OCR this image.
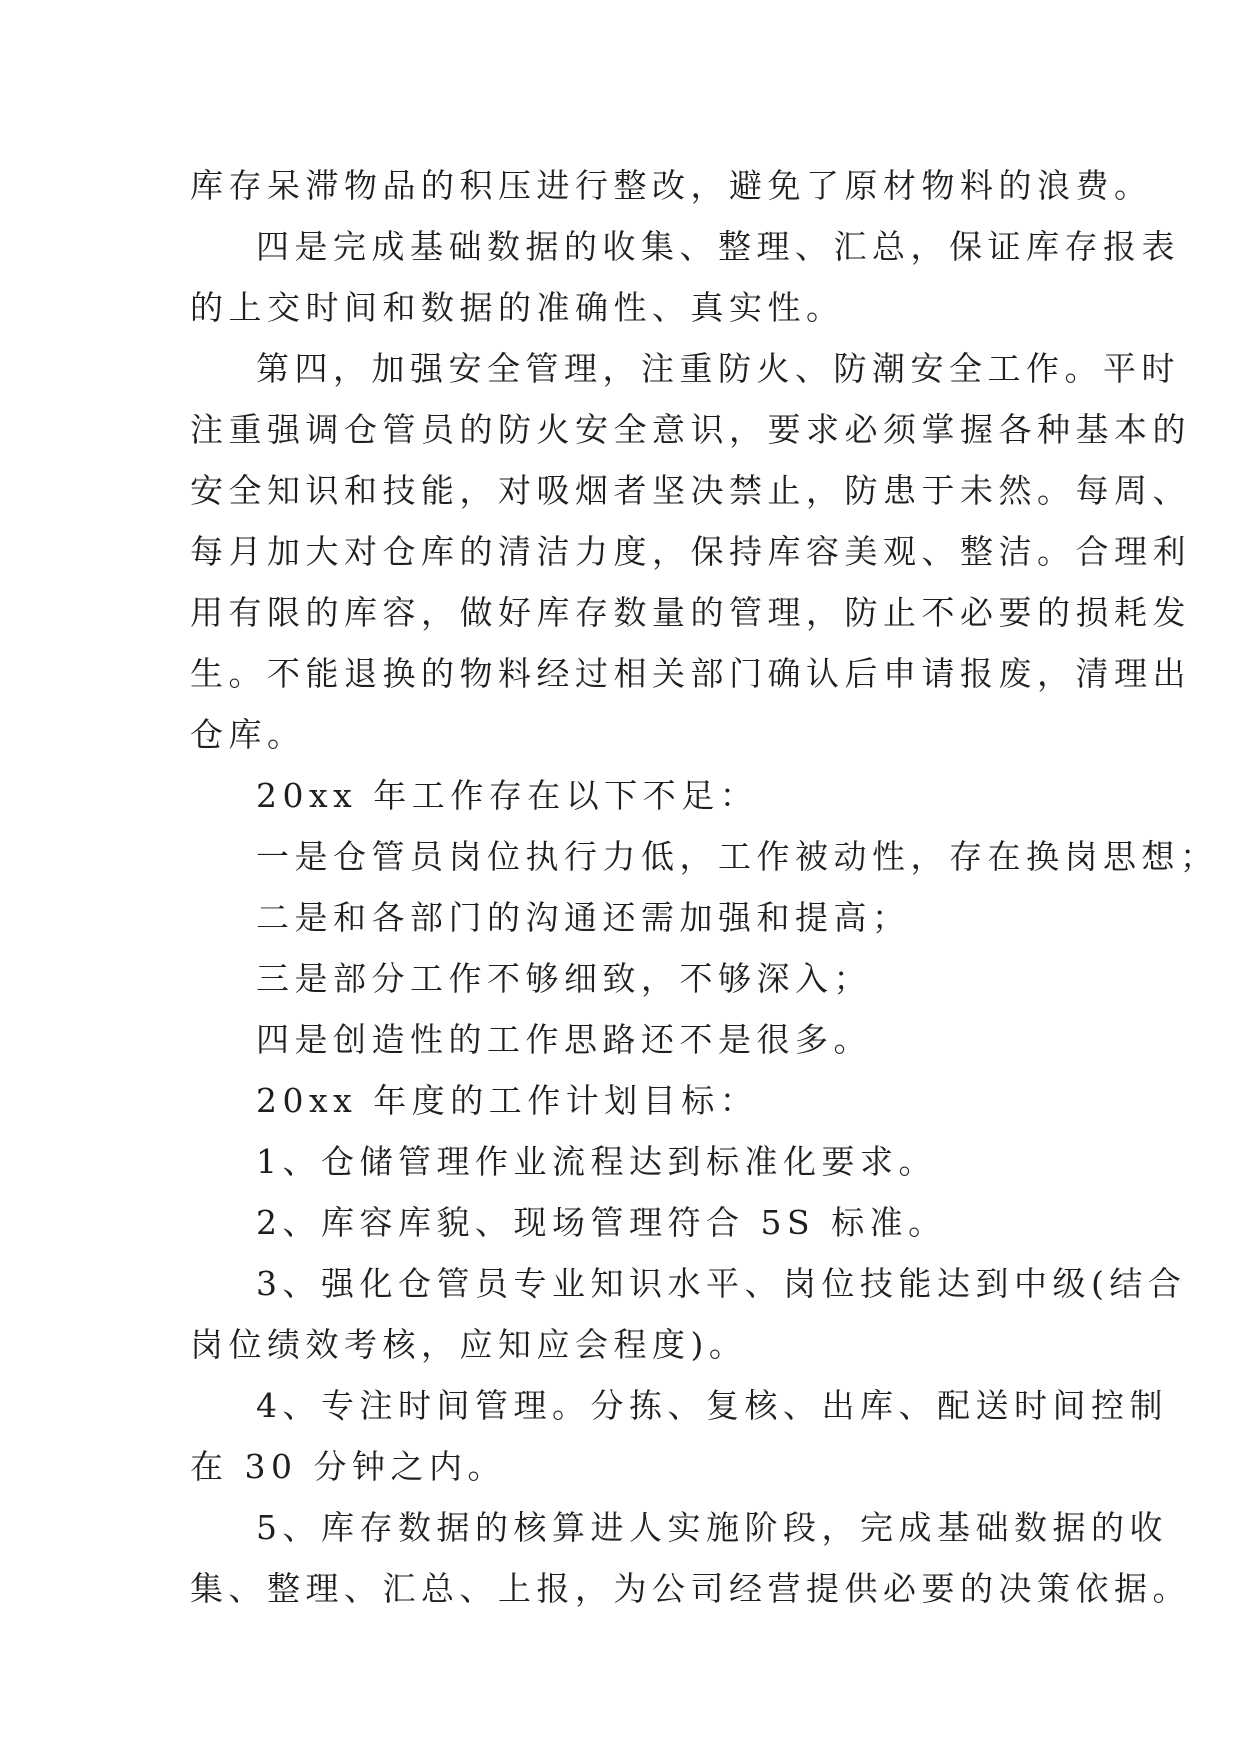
库存呆滞物品的积压进行整改，避免了原材物料的浪费。
四是完成基础数据的收集、整理、汇总，保证库存报表
的上交时间和数据的准确性、真实性。
第四，加强安全管理，注重防火、防潮安全工作。平时
注重强调仓管员的防火安全意识，要求必须掌握各种基本的
安全知识和技能，对吸烟者坚决禁止，防患于未然。每周、
每月加大对仓库的清洁力度，保持库容美观、整洁。合理利
用有限的库容，做好库存数量的管理，防止不必要的损耗发
生。不能退换的物料经过相关部门确认后申请报废，清理出
仓库。
20xx 年工作存在以下不足：
一是仓管员岗位执行力低，工作被动性，存在换岗思想；
二是和各部门的沟通还需加强和提高；
三是部分工作不够细致，不够深入；
四是创造性的工作思路还不是很多。
20xx 年度的工作计划目标：
1、仓储管理作业流程达到标准化要求。
2、库容库貌、现场管理符合 5S 标准。
3、强化仓管员专业知识水平、岗位技能达到中级(结合
岗位绩效考核，应知应会程度)。
4、专注时间管理。分拣、复核、出库、配送时间控制
在 30 分钟之内。
5、库存数据的核算进人实施阶段，完成基础数据的收
集、整理、汇总、上报，为公司经营提供必要的决策依据。
